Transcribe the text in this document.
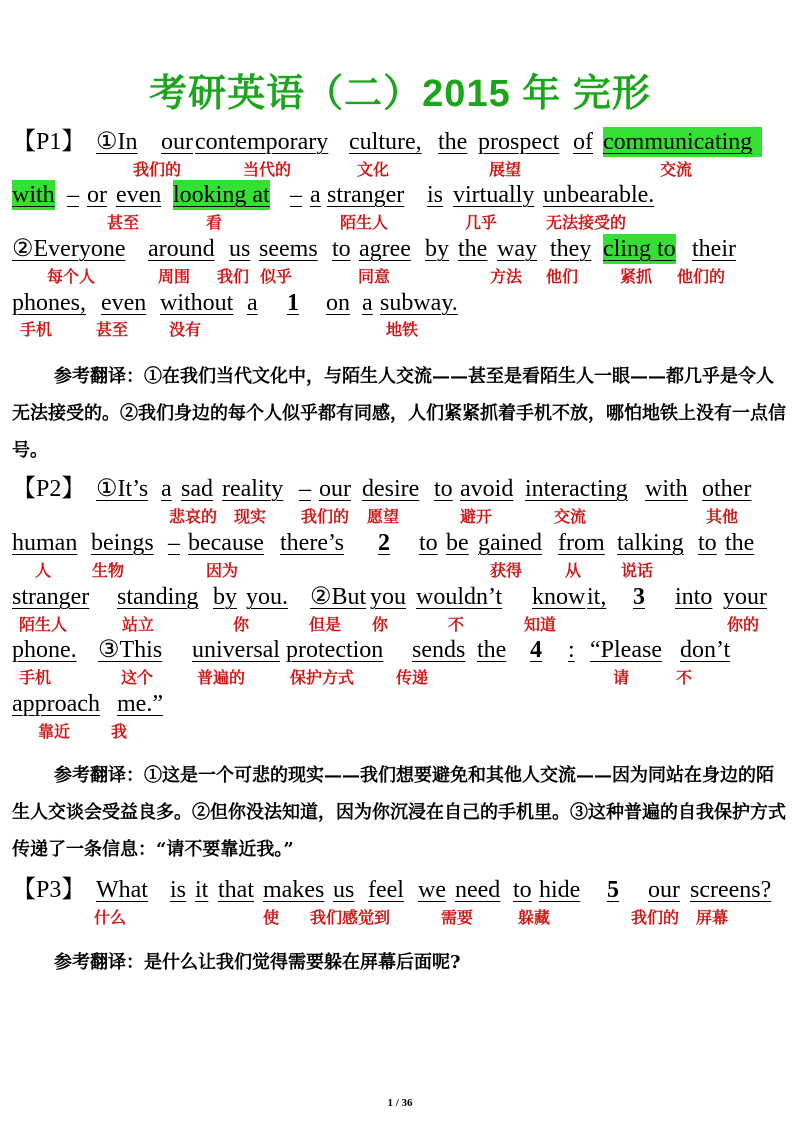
考研英语（二）2015 年 完形
【P1】 ①In our contemporary culture, the prospect of communicating
我们的	当代的	文化	展望	交流
with – or even looking at – a stranger is virtually unbearable.
甚至	看	陌生人	几乎	无法接受的
②Everyone around us seems to agree by the way they cling to their
每个人	周围 我们 似乎	同意	方法 他们	紧抓 他们的
phones, even without a	1	on a subway.
手机	甚至	没有	地铁
参考翻译：①在我们当代文化中，与陌生人交流——甚至是看陌生人一眼——都几乎是令人无法接受的。②我们身边的每个人似乎都有同感，人们紧紧抓着手机不放，哪怕地铁上没有一点信号。
【P2】 ①It’s a sad reality – our desire to avoid interacting with other
悲哀的 现实 我们的 愿望	避开	交流	其他
human beings – because there’s	2	to be gained from talking to the
人	生物	因为	获得	从 说话
stranger standing by you. ②But you wouldn’t know it,	3	into your
陌生人	站立	你	但是 你	不	知道	你的
phone. ③This universal protection sends the 4	: “Please don’t
手机	这个	普遍的	保护方式	传递	请	不
approach me.”
靠近	我
参考翻译：①这是一个可悲的现实——我们想要避免和其他人交流——因为同站在身边的陌生人交谈会受益良多。②但你没法知道，因为你沉浸在自己的手机里。③这种普遍的自我保护方式传递了一条信息：“请不要靠近我。”
【P3】 What is it that makes us feel we need to hide	5	our screens?
什么	使 我们感觉到	需要	躲藏	我们的 屏幕
参考翻译：是什么让我们觉得需要躲在屏幕后面呢?
1 / 36
